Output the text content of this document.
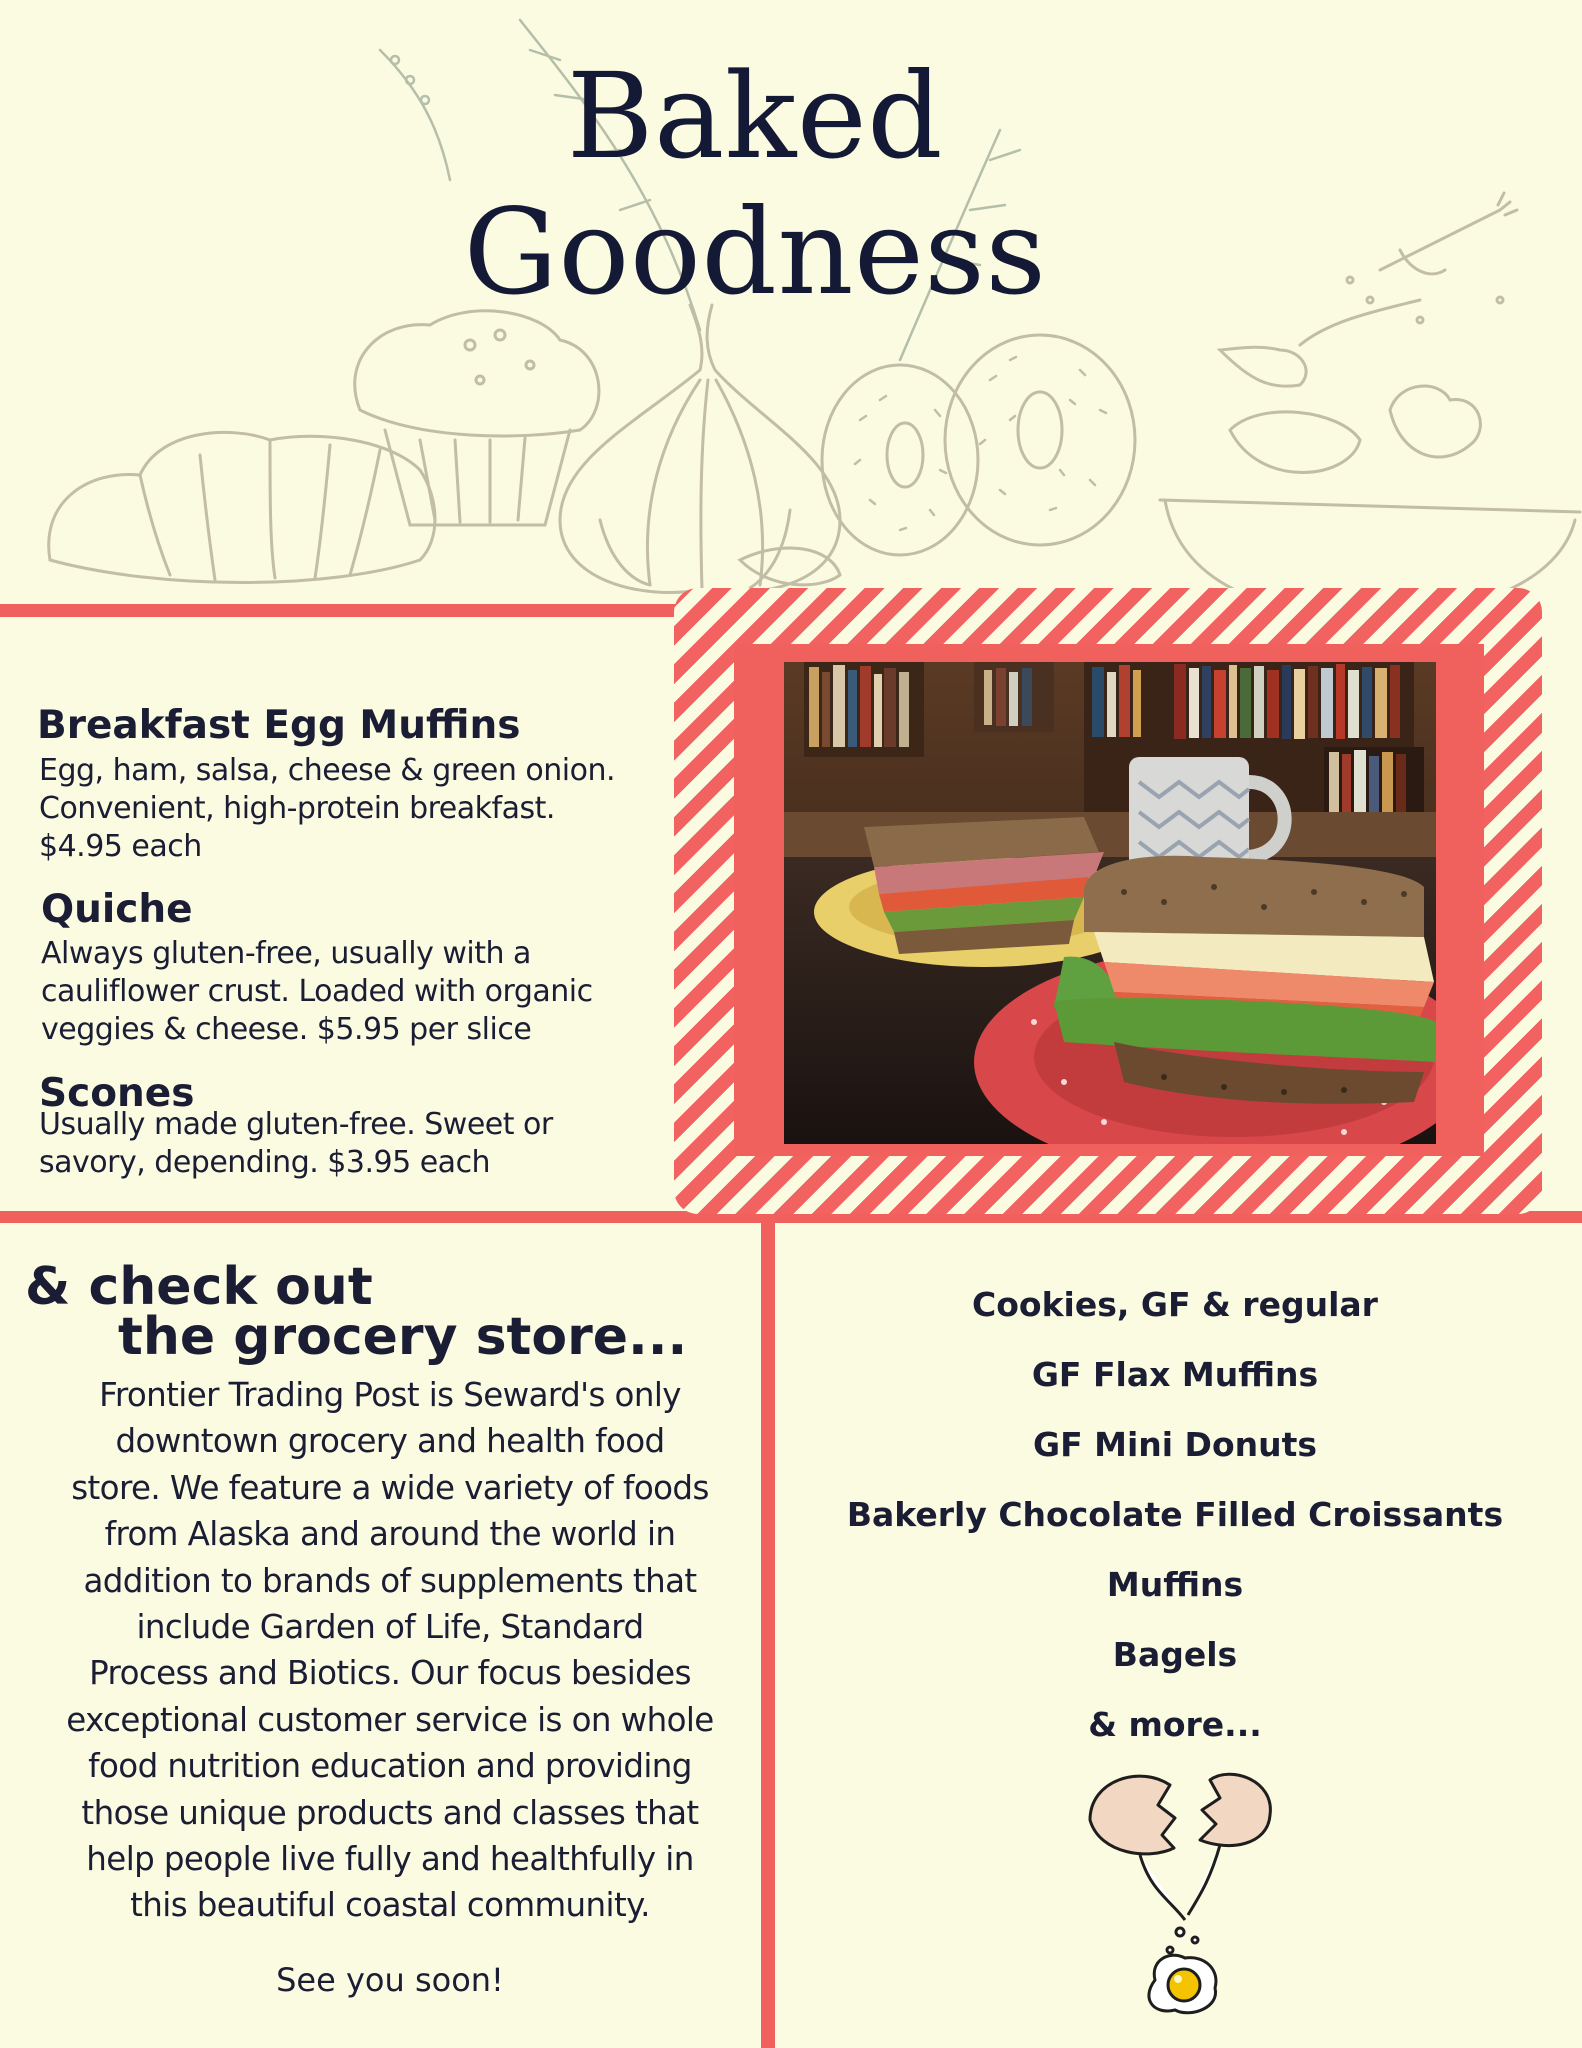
Baked
Goodness
Breakfast Egg Muffins
Egg, ham, salsa, cheese & green onion.
Convenient, high-protein breakfast.
$4.95 each
Quiche
Always gluten-free, usually with a
cauliflower crust. Loaded with organic
veggies & cheese. $5.95 per slice
Scones
Usually made gluten-free. Sweet or
savory, depending. $3.95 each
& check out
the grocery store...
Frontier Trading Post is Seward's only
downtown grocery and health food
store. We feature a wide variety of foods
from Alaska and around the world in
addition to brands of supplements that
include Garden of Life, Standard
Process and Biotics. Our focus besides
exceptional customer service is on whole
food nutrition education and providing
those unique products and classes that
help people live fully and healthfully in
this beautiful coastal community.
See you soon!
Cookies, GF & regular
GF Flax Muffins
GF Mini Donuts
Bakerly Chocolate Filled Croissants
Muffins
Bagels
& more...
